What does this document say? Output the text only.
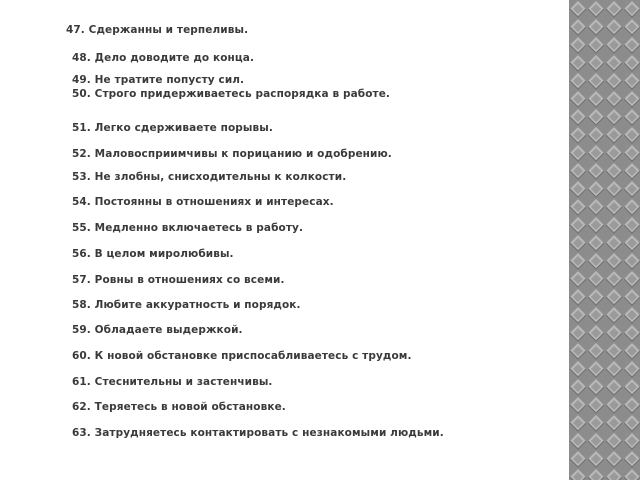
47. Сдержанны и терпеливы.

48. Дело доводите до конца.

49. Не тратите попусту сил.

50. Строго придерживаетесь распорядка в работе.

51. Легко сдерживаете порывы.

52. Маловосприимчивы к порицанию и одобрению.

53. Не злобны, снисходительны к колкости.

54. Постоянны в отношениях и интересах.

55. Медленно включаетесь в работу.

56. В целом миролюбивы.

57. Ровны в отношениях со всеми.

58. Любите аккуратность и порядок.

59. Обладаете выдержкой.

60. К новой обстановке приспосабливаетесь с трудом.

61. Стеснительны и застенчивы.

62. Теряетесь в новой обстановке.

63. Затрудняетесь контактировать с незнакомыми людьми.
